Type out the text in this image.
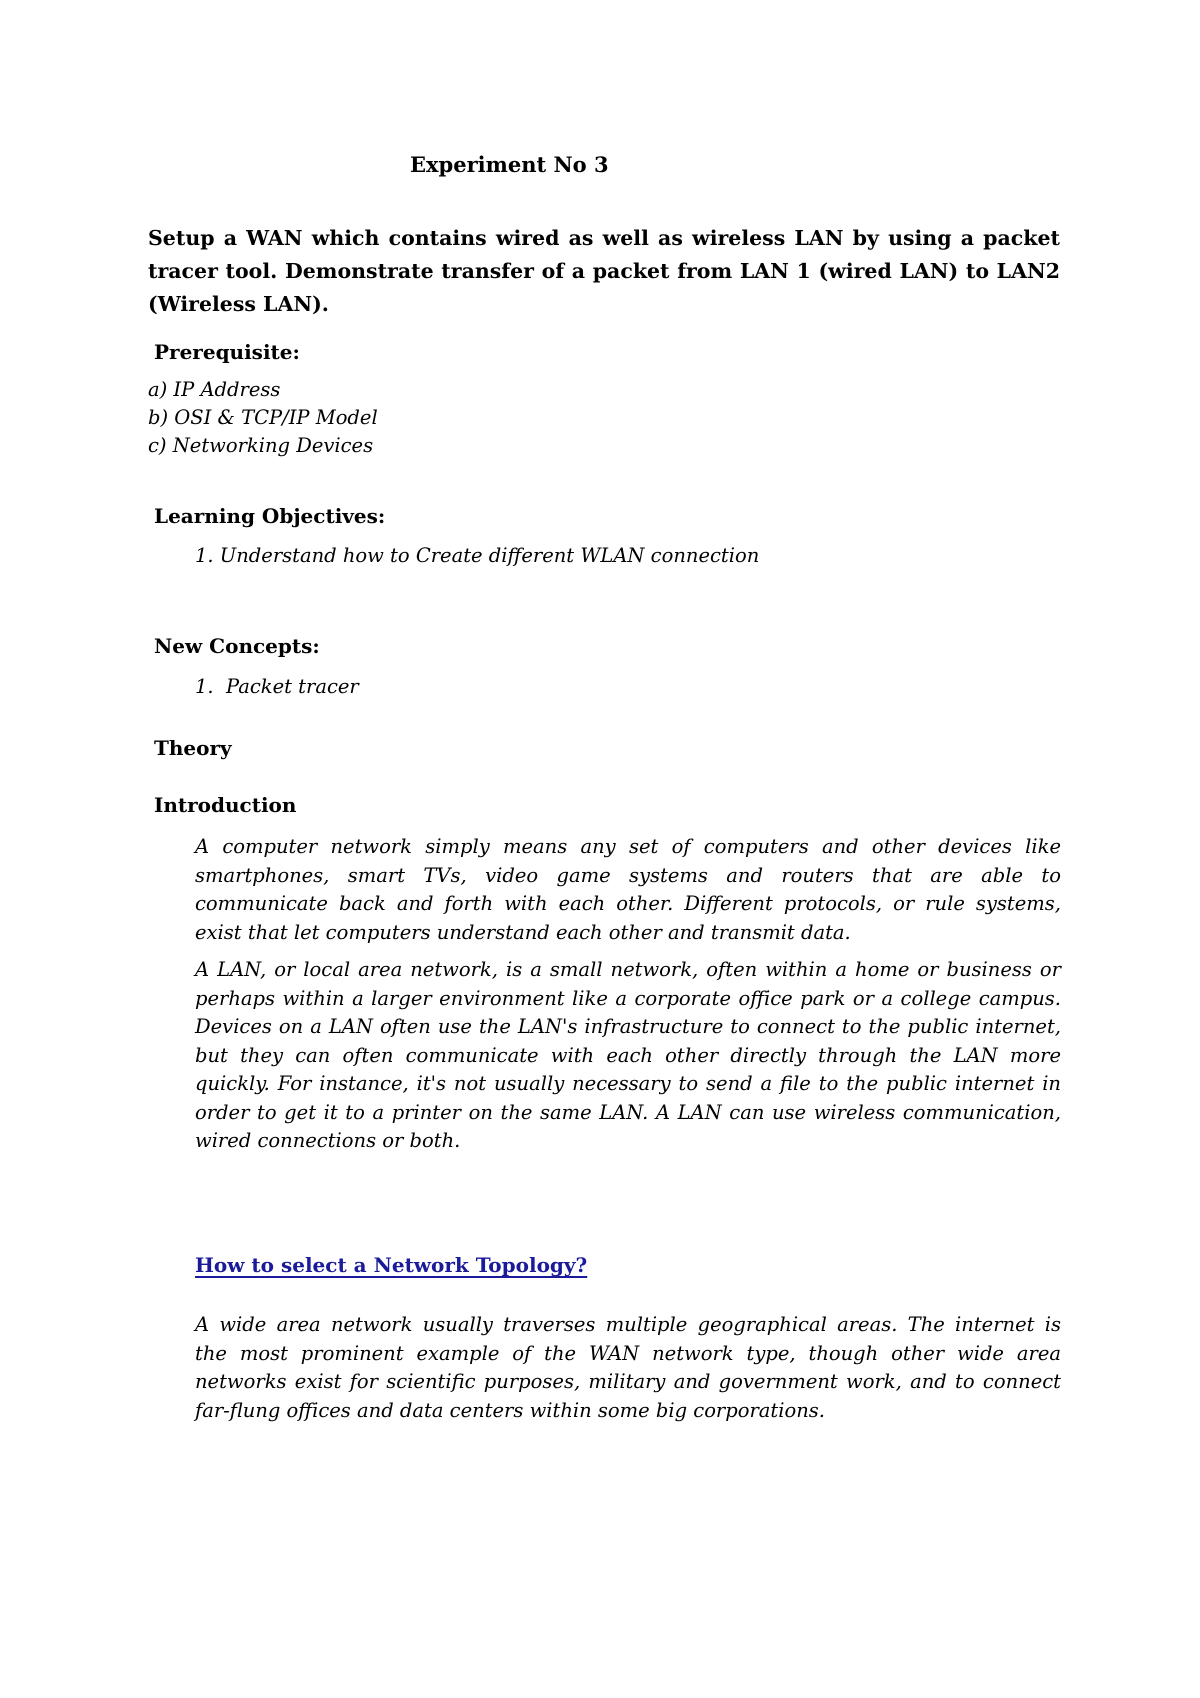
Experiment No 3
Setup a WAN which contains wired as well as wireless LAN by using a packet
tracer tool. Demonstrate transfer of a packet from LAN 1 (wired LAN) to LAN2
(Wireless LAN).
Prerequisite:
a) IP Address
b) OSI & TCP/IP Model
c) Networking Devices
Learning Objectives:
1. Understand how to Create different WLAN connection
New Concepts:
1.  Packet tracer
Theory
Introduction
A computer network simply means any set of computers and other devices like
smartphones, smart TVs, video game systems and routers that are able to
communicate back and forth with each other. Different protocols, or rule systems,
exist that let computers understand each other and transmit data.
A LAN, or local area network, is a small network, often within a home or business or
perhaps within a larger environment like a corporate office park or a college campus.
Devices on a LAN often use the LAN's infrastructure to connect to the public internet,
but they can often communicate with each other directly through the LAN more
quickly. For instance, it's not usually necessary to send a file to the public internet in
order to get it to a printer on the same LAN. A LAN can use wireless communication,
wired connections or both.
How to select a Network Topology?
A wide area network usually traverses multiple geographical areas. The internet is
the most prominent example of the WAN network type, though other wide area
networks exist for scientific purposes, military and government work, and to connect
far-flung offices and data centers within some big corporations.
